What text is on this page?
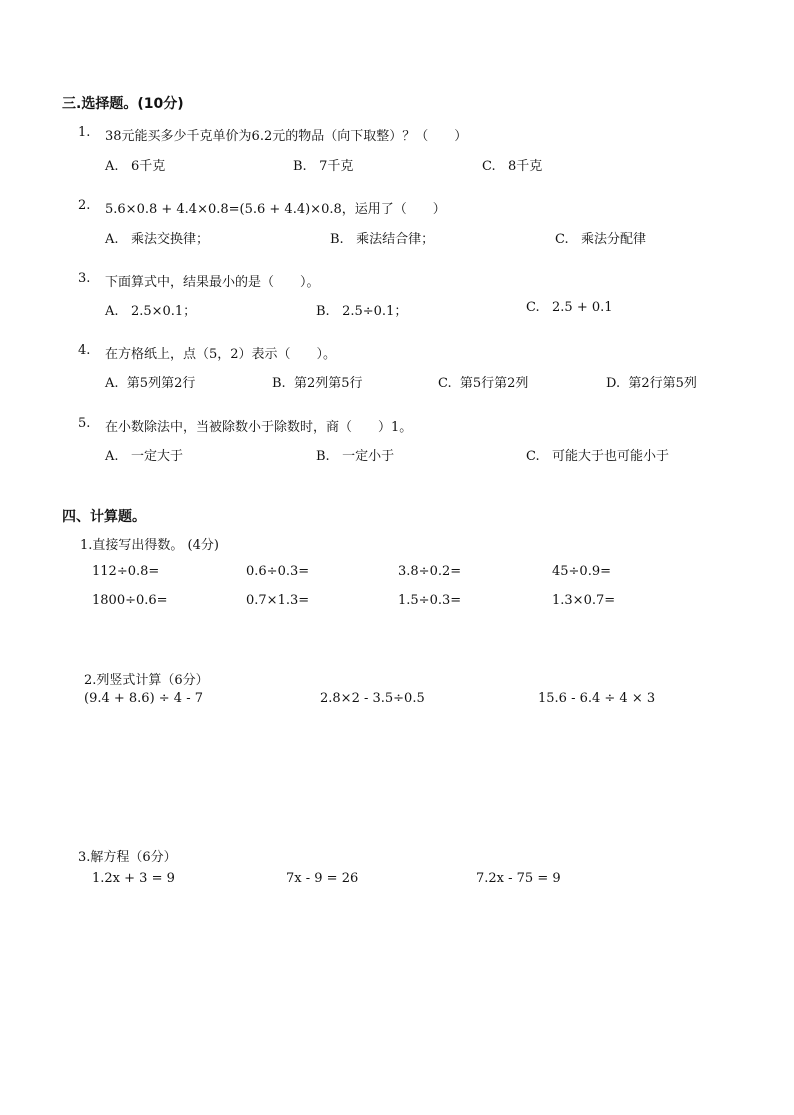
三.选择题。(10分)
1. 38元能买多少千克单价为6.2元的物品（向下取整）？（　　）
A. 6千克	B. 7千克	C. 8千克
2. 5.6×0.8 + 4.4×0.8=(5.6 + 4.4)×0.8，运用了（　　）
A. 乘法交换律；	B. 乘法结合律；	C. 乘法分配律
3. 下面算式中，结果最小的是（　　）。
A. 2.5×0.1；	B. 2.5÷0.1；	C. 2.5 + 0.1
4. 在方格纸上，点（5，2）表示（　　）。
A. 第5列第2行	B. 第2列第5行	C. 第5行第2列	D. 第2行第5列
5. 在小数除法中，当被除数小于除数时，商（　　）1。
A. 一定大于	B. 一定小于	C. 可能大于也可能小于
四、计算题。
1.直接写出得数。 (4分)
112÷0.8=	0.6÷0.3=	3.8÷0.2=	45÷0.9=
1800÷0.6=	0.7×1.3=	1.5÷0.3=	1.3×0.7=
2.列竖式计算（6分）
(9.4 + 8.6) ÷ 4 - 7	2.8×2 - 3.5÷0.5	15.6 - 6.4 ÷ 4 × 3
3.解方程（6分）
1.2x + 3 = 9	7x - 9 = 26	7.2x - 75 = 9
